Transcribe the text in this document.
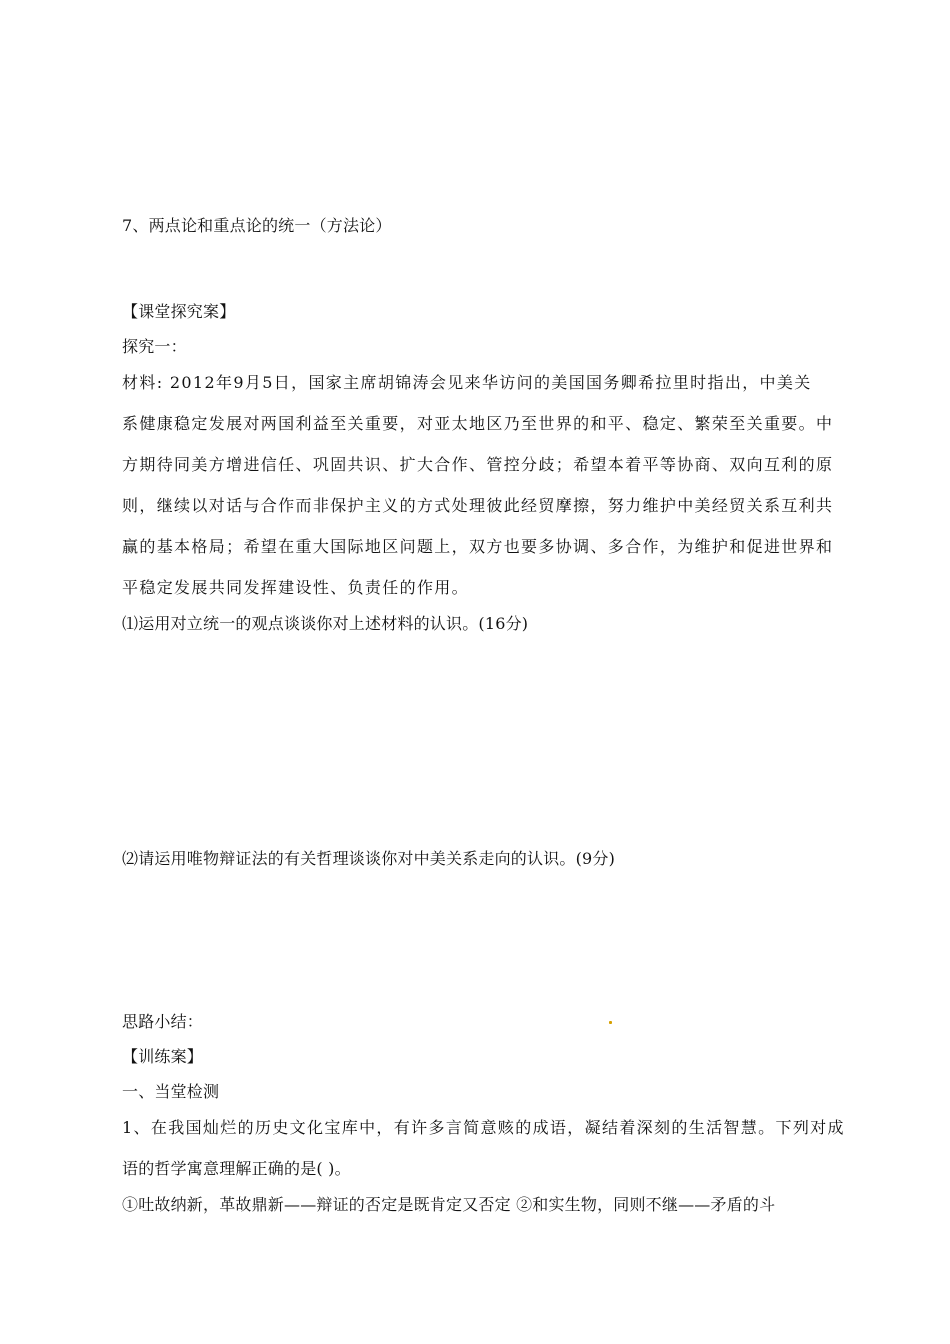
7、两点论和重点论的统一（方法论）
【课堂探究案】
探究一：
材料: 2012年9月5日，国家主席胡锦涛会见来华访问的美国国务卿希拉里时指出，中美关
系健康稳定发展对两国利益至关重要，对亚太地区乃至世界的和平、稳定、繁荣至关重要。中
方期待同美方增进信任、巩固共识、扩大合作、管控分歧；希望本着平等协商、双向互利的原
则，继续以对话与合作而非保护主义的方式处理彼此经贸摩擦，努力维护中美经贸关系互利共
赢的基本格局；希望在重大国际地区问题上，双方也要多协调、多合作，为维护和促进世界和
平稳定发展共同发挥建设性、负责任的作用。
⑴运用对立统一的观点谈谈你对上述材料的认识。(16分)
⑵请运用唯物辩证法的有关哲理谈谈你对中美关系走向的认识。(9分)
思路小结：
【训练案】
一、当堂检测
1、在我国灿烂的历史文化宝库中，有许多言简意赅的成语，凝结着深刻的生活智慧。下列对成
语的哲学寓意理解正确的是( )。
①吐故纳新，革故鼎新——辩证的否定是既肯定又否定 ②和实生物，同则不继——矛盾的斗
